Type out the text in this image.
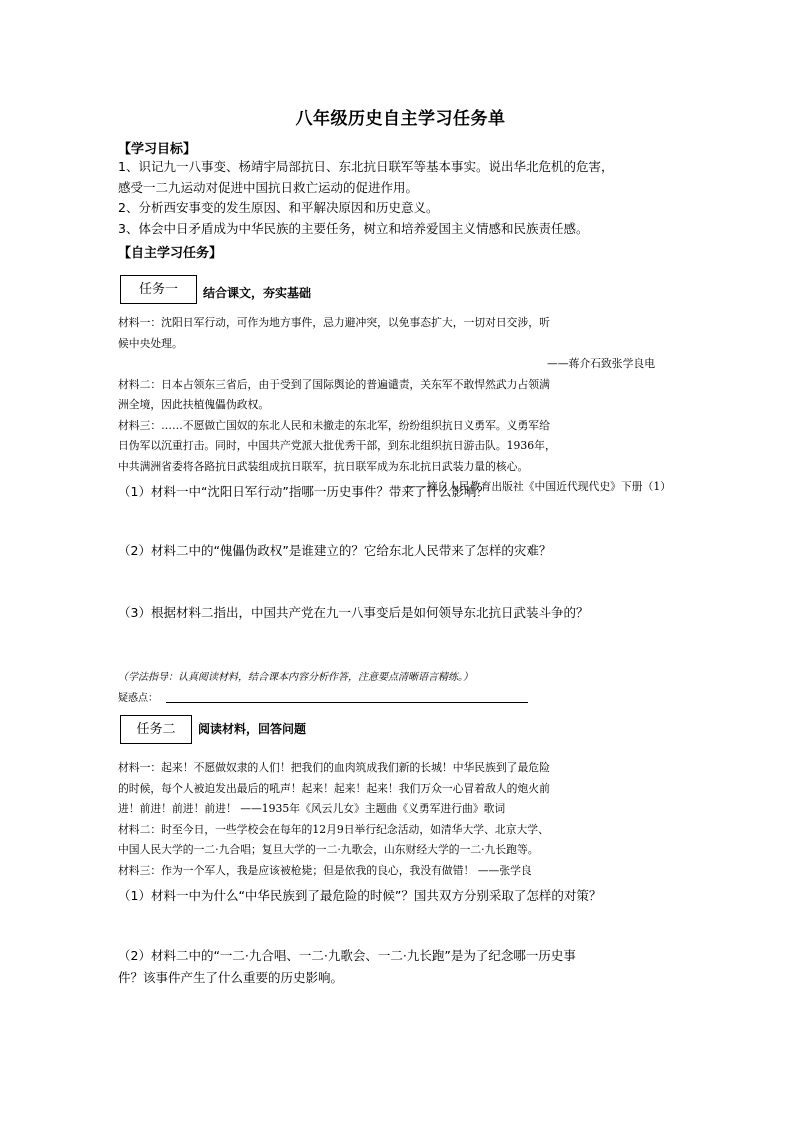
八年级历史自主学习任务单
【学习目标】

1、识记九一八事变、杨靖宇局部抗日、东北抗日联军等基本事实。说出华北危机的危害，

感受一二九运动对促进中国抗日救亡运动的促进作用。

2、分析西安事变的发生原因、和平解决原因和历史意义。

3、体会中日矛盾成为中华民族的主要任务，树立和培养爱国主义情感和民族责任感。

【自主学习任务】
任务一	结合课文，夯实基础

材料一：沈阳日军行动，可作为地方事件，忌力避冲突，以免事态扩大，一切对日交涉，听

候中央处理。

——蒋介石致张学良电

材料二：日本占领东三省后，由于受到了国际舆论的普遍谴责，关东军不敢悍然武力占领满

洲全境，因此扶植傀儡伪政权。

材料三：……不愿做亡国奴的东北人民和未撤走的东北军，纷纷组织抗日义勇军。义勇军给

日伪军以沉重打击。同时，中国共产党派大批优秀干部，到东北组织抗日游击队。1936年，

中共满洲省委将各路抗日武装组成抗日联军，抗日联军成为东北抗日武装力量的核心。

——摘自人民教育出版社《中国近代现代史》下册（1）

（1）材料一中“沈阳日军行动”指哪一历史事件？带来了什么影响？
（2）材料二中的“傀儡伪政权”是谁建立的？它给东北人民带来了怎样的灾难？
（3）根据材料二指出，中国共产党在九一八事变后是如何领导东北抗日武装斗争的？
（学法指导：认真阅读材料，结合课本内容分析作答，注意要点清晰语言精练。）
疑惑点：
任务二	阅读材料，回答问题

材料一：起来！不愿做奴隶的人们！把我们的血肉筑成我们新的长城！中华民族到了最危险

的时候，每个人被迫发出最后的吼声！起来！起来！起来！我们万众一心冒着敌人的炮火前

进！前进！前进！前进！ ——1935年《风云儿女》主题曲《义勇军进行曲》歌词

材料二：时至今日，一些学校会在每年的12月9日举行纪念活动，如清华大学、北京大学、

中国人民大学的一二·九合唱；复旦大学的一二·九歌会，山东财经大学的一二·九长跑等。

材料三：作为一个军人，我是应该被枪毙；但是依我的良心，我没有做错！ ——张学良

（1）材料一中为什么“中华民族到了最危险的时候”？国共双方分别采取了怎样的对策？
（2）材料二中的“一二·九合唱、一二·九歌会、一二·九长跑”是为了纪念哪一历史事
件？该事件产生了什么重要的历史影响。
